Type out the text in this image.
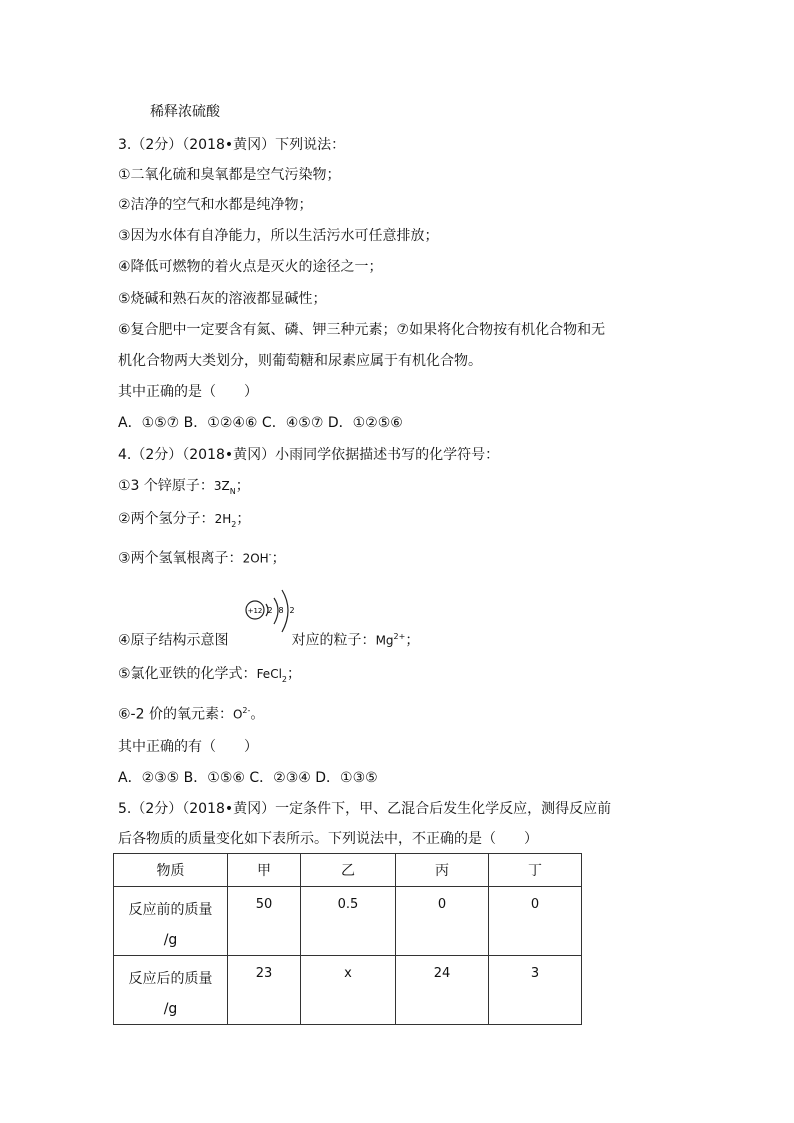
稀释浓硫酸
3.（2分）（2018•黄冈）下列说法：
①二氧化硫和臭氧都是空气污染物；
②洁净的空气和水都是纯净物；
③因为水体有自净能力，所以生活污水可任意排放；
④降低可燃物的着火点是灭火的途径之一；
⑤烧碱和熟石灰的溶液都显碱性；
⑥复合肥中一定要含有氮、磷、钾三种元素；⑦如果将化合物按有机化合物和无
机化合物两大类划分，则葡萄糖和尿素应属于有机化合物。
其中正确的是（　　）
A．①⑤⑦ B．①②④⑥ C．④⑤⑦ D．①②⑤⑥
4.（2分）（2018•黄冈）小雨同学依据描述书写的化学符号：
①3 个锌原子：$3Z_N$；
②两个氢分子：$2H_2$；
③两个氢氧根离子：2OH-；
+12 2 8 2
④原子结构示意图	对应的粒子：$Mg^{2+}$；
⑤氯化亚铁的化学式：FeCl$_2$；
⑥-2 价的氧元素：$O^{2-}$。
其中正确的有（　　）
A．②③⑤ B．①⑤⑥ C．②③④ D．①③⑤
5.（2分）（2018•黄冈）一定条件下，甲、乙混合后发生化学反应，测得反应前
后各物质的质量变化如下表所示。下列说法中，不正确的是（　　）
物质	甲	乙	丙	丁

反应前的质量
/g	50	0.5	0	0

反应后的质量
/g	23	x	24	3
